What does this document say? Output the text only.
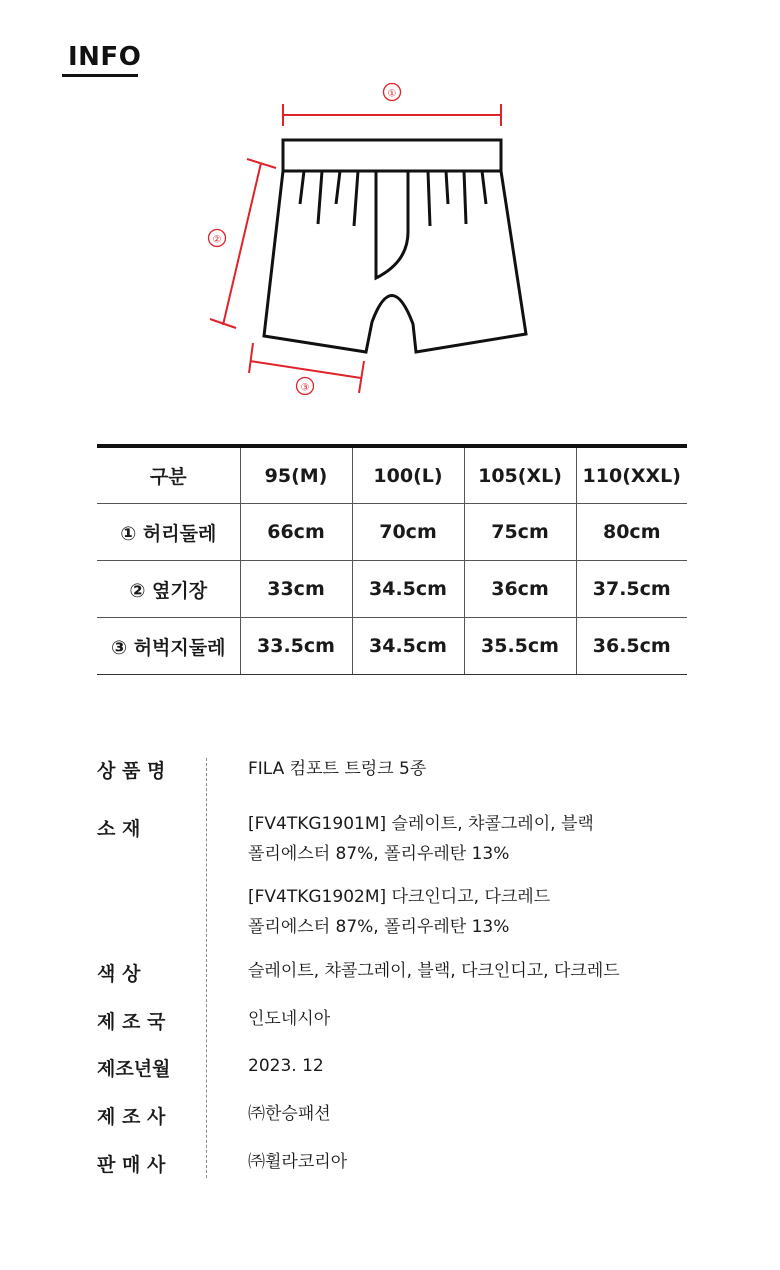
INFO
①
②
③
구분	95(M)	100(L)	105(XL)	110(XXL)
① 허리둘레	66cm	70cm	75cm	80cm
② 옆기장	33cm	34.5cm	36cm	37.5cm
③ 허벅지둘레	33.5cm	34.5cm	35.5cm	36.5cm
상 품 명	FILA 컴포트 트렁크 5종
소 재	[FV4TKG1901M] 슬레이트, 챠콜그레이, 블랙
폴리에스터 87%, 폴리우레탄 13%
[FV4TKG1902M] 다크인디고, 다크레드
폴리에스터 87%, 폴리우레탄 13%
색 상	슬레이트, 챠콜그레이, 블랙, 다크인디고, 다크레드
제 조 국	인도네시아
제조년월	2023. 12
제 조 사	㈜한승패션
판 매 사	㈜휠라코리아
